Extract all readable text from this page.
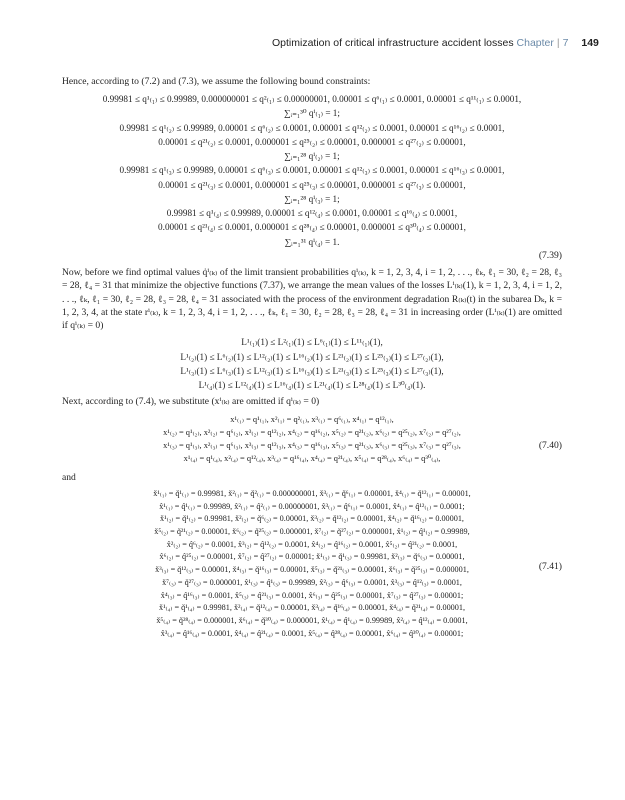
Optimization of critical infrastructure accident losses Chapter | 7 149

Hence, according to (7.2) and (7.3), we assume the following bound constraints:

0.99981 ≤ q¹₍₁₎ ≤ 0.99989, 0.000000001 ≤ q²₍₁₎ ≤ 0.00000001, 0.00001 ≤ q⁶₍₁₎ ≤ 0.0001, 0.00001 ≤ q¹¹₍₁₎ ≤ 0.0001,
∑ᵢ₌₁³⁰ qⁱ₍₁₎ = 1;
0.99981 ≤ q¹₍₂₎ ≤ 0.99989, 0.00001 ≤ q⁶₍₂₎ ≤ 0.0001, 0.00001 ≤ q¹²₍₂₎ ≤ 0.0001, 0.00001 ≤ q¹⁶₍₂₎ ≤ 0.0001,
0.00001 ≤ q²¹₍₂₎ ≤ 0.0001, 0.000001 ≤ q²⁵₍₂₎ ≤ 0.00001, 0.000001 ≤ q²⁷₍₂₎ ≤ 0.00001,
∑ᵢ₌₁²⁸ qⁱ₍₂₎ = 1;
0.99981 ≤ q¹₍₃₎ ≤ 0.99989, 0.00001 ≤ q⁶₍₃₎ ≤ 0.0001, 0.00001 ≤ q¹²₍₃₎ ≤ 0.0001, 0.00001 ≤ q¹⁶₍₃₎ ≤ 0.0001,
0.00001 ≤ q²¹₍₃₎ ≤ 0.0001, 0.000001 ≤ q²⁵₍₃₎ ≤ 0.00001, 0.000001 ≤ q²⁷₍₃₎ ≤ 0.00001,
∑ᵢ₌₁²⁸ qⁱ₍₃₎ = 1;
0.99981 ≤ q¹₍₄₎ ≤ 0.99989, 0.00001 ≤ q¹²₍₄₎ ≤ 0.0001, 0.00001 ≤ q¹⁶₍₄₎ ≤ 0.0001,
0.00001 ≤ q²¹₍₄₎ ≤ 0.0001, 0.000001 ≤ q²⁸₍₄₎ ≤ 0.00001, 0.000001 ≤ q³⁰₍₄₎ ≤ 0.00001,
∑ᵢ₌₁³¹ qⁱ₍₄₎ = 1.
(7.39)

Now, before we find optimal values q̇ⁱ₍ₖ₎ of the limit transient probabilities qⁱ₍ₖ₎, k = 1, 2, 3, 4, i = 1, 2, . . ., ℓₖ, ℓ₁ = 30, ℓ₂ = 28, ℓ₃ = 28, ℓ₄ = 31 that minimize the objective functions (7.37), we arrange the mean values of the losses Lⁱ₍ₖ₎(1), k = 1, 2, 3, 4, i = 1, 2, . . ., ℓₖ, ℓ₁ = 30, ℓ₂ = 28, ℓ₃ = 28, ℓ₄ = 31 associated with the process of the environment degradation R₍ₖ₎(t) in the subarea Dₖ, k = 1, 2, 3, 4, at the state rⁱ₍ₖ₎, k = 1, 2, 3, 4, i = 1, 2, . . ., ℓₖ, ℓ₁ = 30, ℓ₂ = 28, ℓ₃ = 28, ℓ₄ = 31 in increasing order (Lⁱ₍ₖ₎(1) are omitted if qⁱ₍ₖ₎ = 0)

L¹₍₁₎(1) ≤ L²₍₁₎(1) ≤ L⁶₍₁₎(1) ≤ L¹¹₍₁₎(1),
L¹₍₂₎(1) ≤ L⁶₍₂₎(1) ≤ L¹²₍₂₎(1) ≤ L¹⁶₍₂₎(1) ≤ L²¹₍₂₎(1) ≤ L²⁵₍₂₎(1) ≤ L²⁷₍₂₎(1),
L¹₍₃₎(1) ≤ L⁶₍₃₎(1) ≤ L¹²₍₃₎(1) ≤ L¹⁶₍₃₎(1) ≤ L²¹₍₃₎(1) ≤ L²⁵₍₃₎(1) ≤ L²⁷₍₃₎(1),
L¹₍₄₎(1) ≤ L¹²₍₄₎(1) ≤ L¹⁶₍₄₎(1) ≤ L²¹₍₄₎(1) ≤ L²⁸₍₄₎(1) ≤ L³⁰₍₄₎(1).

Next, according to (7.4), we substitute (xⁱ₍ₖ₎ are omitted if qⁱ₍ₖ₎ = 0)

x¹₍₁₎ = q¹₍₁₎, x²₍₁₎ = q²₍₁₎, x³₍₁₎ = q⁶₍₁₎, x⁴₍₁₎ = q¹²₍₁₎,
x¹₍₂₎ = q¹₍₂₎, x²₍₂₎ = q⁶₍₂₎, x³₍₂₎ = q¹²₍₂₎, x⁴₍₂₎ = q¹⁶₍₂₎, x⁵₍₂₎ = q²¹₍₂₎, x⁶₍₂₎ = q²⁵₍₂₎, x⁷₍₂₎ = q²⁷₍₂₎,
x¹₍₃₎ = q¹₍₃₎, x²₍₃₎ = q⁶₍₃₎, x³₍₃₎ = q¹²₍₃₎, x⁴₍₃₎ = q¹⁶₍₃₎, x⁵₍₃₎ = q²¹₍₃₎, x⁶₍₃₎ = q²⁵₍₃₎, x⁷₍₃₎ = q²⁷₍₃₎,
x¹₍₄₎ = q¹₍₄₎, x²₍₄₎ = q¹²₍₄₎, x³₍₄₎ = q¹⁶₍₄₎, x⁴₍₄₎ = q²¹₍₄₎, x⁵₍₄₎ = q²⁸₍₄₎, x⁶₍₄₎ = q³⁰₍₄₎,
(7.40)

and

x̌¹₍₁₎ = q̌¹₍₁₎ = 0.99981, x̌²₍₁₎ = q̌²₍₁₎ = 0.000000001, x̌³₍₁₎ = q̌⁶₍₁₎ = 0.00001, x̌⁴₍₁₎ = q̌¹²₍₁₎ = 0.00001,
x̂¹₍₁₎ = q̂¹₍₁₎ = 0.99989, x̂²₍₁₎ = q̂²₍₁₎ = 0.00000001, x̂³₍₁₎ = q̂⁶₍₁₎ = 0.0001, x̂⁴₍₁₎ = q̂¹²₍₁₎ = 0.0001;
x̌¹₍₂₎ = q̌¹₍₂₎ = 0.99981, x̌²₍₂₎ = q̌⁶₍₂₎ = 0.00001, x̌³₍₂₎ = q̌¹²₍₂₎ = 0.00001, x̌⁴₍₂₎ = q̌¹⁶₍₂₎ = 0.00001,
x̌⁵₍₂₎ = q̌²¹₍₂₎ = 0.00001, x̌⁶₍₂₎ = q̌²⁵₍₂₎ = 0.000001, x̌⁷₍₂₎ = q̌²⁷₍₂₎ = 0.000001, x̂¹₍₂₎ = q̂¹₍₂₎ = 0.99989,
x̂²₍₂₎ = q̂⁶₍₂₎ = 0.0001, x̂³₍₂₎ = q̂¹²₍₂₎ = 0.0001, x̂⁴₍₂₎ = q̂¹⁶₍₂₎ = 0.0001, x̂⁵₍₂₎ = q̂²¹₍₂₎ = 0.0001,
x̂⁶₍₂₎ = q̂²⁵₍₂₎ = 0.00001, x̂⁷₍₂₎ = q̂²⁷₍₂₎ = 0.00001; x̌¹₍₃₎ = q̌¹₍₃₎ = 0.99981, x̌²₍₃₎ = q̌⁶₍₃₎ = 0.00001,
x̌³₍₃₎ = q̌¹²₍₃₎ = 0.00001, x̌⁴₍₃₎ = q̌¹⁶₍₃₎ = 0.00001, x̌⁵₍₃₎ = q̌²¹₍₃₎ = 0.00001, x̌⁶₍₃₎ = q̌²⁵₍₃₎ = 0.000001,
x̌⁷₍₃₎ = q̌²⁷₍₃₎ = 0.000001, x̂¹₍₃₎ = q̂¹₍₃₎ = 0.99989, x̂²₍₃₎ = q̂⁶₍₃₎ = 0.0001, x̂³₍₃₎ = q̂¹²₍₃₎ = 0.0001,
x̂⁴₍₃₎ = q̂¹⁶₍₃₎ = 0.0001, x̂⁵₍₃₎ = q̂²¹₍₃₎ = 0.0001, x̂⁶₍₃₎ = q̂²⁵₍₃₎ = 0.00001, x̂⁷₍₃₎ = q̂²⁷₍₃₎ = 0.00001;
x̌¹₍₄₎ = q̌¹₍₄₎ = 0.99981, x̌²₍₄₎ = q̌¹²₍₄₎ = 0.00001, x̌³₍₄₎ = q̌¹⁶₍₄₎ = 0.00001, x̌⁴₍₄₎ = q̌²¹₍₄₎ = 0.00001,
x̌⁵₍₄₎ = q̌²⁸₍₄₎ = 0.000001, x̌⁶₍₄₎ = q̌³⁰₍₄₎ = 0.000001, x̂¹₍₄₎ = q̂¹₍₄₎ = 0.99989, x̂²₍₄₎ = q̂¹²₍₄₎ = 0.0001,
x̂³₍₄₎ = q̂¹⁶₍₄₎ = 0.0001, x̂⁴₍₄₎ = q̂²¹₍₄₎ = 0.0001, x̂⁵₍₄₎ = q̂²⁸₍₄₎ = 0.00001, x̂⁶₍₄₎ = q̂³⁰₍₄₎ = 0.00001;
(7.41)
